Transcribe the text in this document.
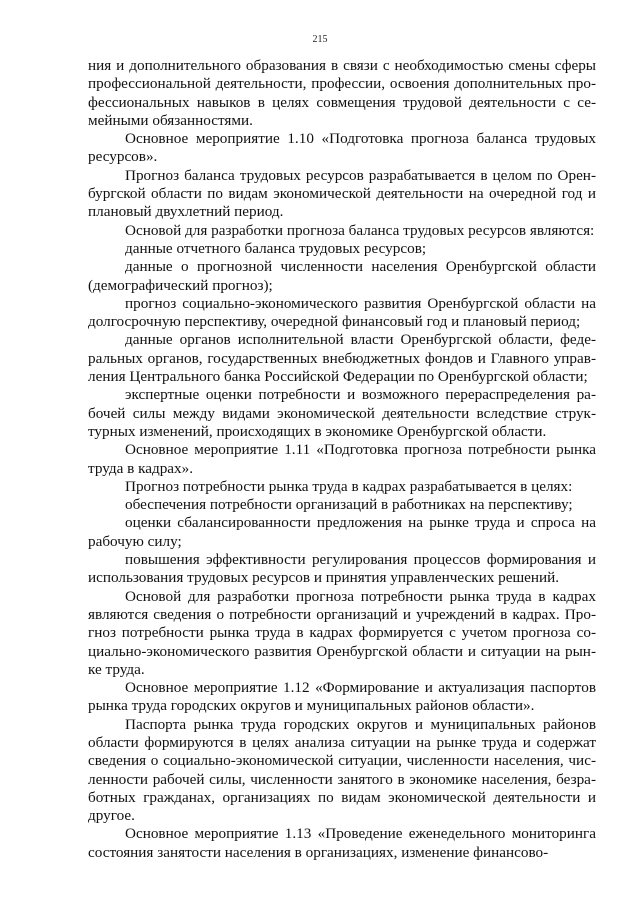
215

ния и дополнительного образования в связи с необходимостью смены сферы профессиональной деятельности, профессии, освоения дополнительных профессиональных навыков в целях совмещения трудовой деятельности с семейными обязанностями.

Основное мероприятие 1.10 «Подготовка прогноза баланса трудовых ресурсов».

Прогноз баланса трудовых ресурсов разрабатывается в целом по Оренбургской области по видам экономической деятельности на очередной год и плановый двухлетний период.

Основой для разработки прогноза баланса трудовых ресурсов являются:

данные отчетного баланса трудовых ресурсов;

данные о прогнозной численности населения Оренбургской области (демографический прогноз);

прогноз социально-экономического развития Оренбургской области на долгосрочную перспективу, очередной финансовый год и плановый период;

данные органов исполнительной власти Оренбургской области, федеральных органов, государственных внебюджетных фондов и Главного управления Центрального банка Российской Федерации по Оренбургской области;

экспертные оценки потребности и возможного перераспределения рабочей силы между видами экономической деятельности вследствие структурных изменений, происходящих в экономике Оренбургской области.

Основное мероприятие 1.11 «Подготовка прогноза потребности рынка труда в кадрах».

Прогноз потребности рынка труда в кадрах разрабатывается в целях:

обеспечения потребности организаций в работниках на перспективу;

оценки сбалансированности предложения на рынке труда и спроса на рабочую силу;

повышения эффективности регулирования процессов формирования и использования трудовых ресурсов и принятия управленческих решений.

Основой для разработки прогноза потребности рынка труда в кадрах являются сведения о потребности организаций и учреждений в кадрах. Прогноз потребности рынка труда в кадрах формируется с учетом прогноза социально-экономического развития Оренбургской области и ситуации на рынке труда.

Основное мероприятие 1.12 «Формирование и актуализация паспортов рынка труда городских округов и муниципальных районов области».

Паспорта рынка труда городских округов и муниципальных районов области формируются в целях анализа ситуации на рынке труда и содержат сведения о социально-экономической ситуации, численности населения, численности рабочей силы, численности занятого в экономике населения, безработных гражданах, организациях по видам экономической деятельности и другое.

Основное мероприятие 1.13 «Проведение еженедельного мониторинга состояния занятости населения в организациях, изменение финансово-
